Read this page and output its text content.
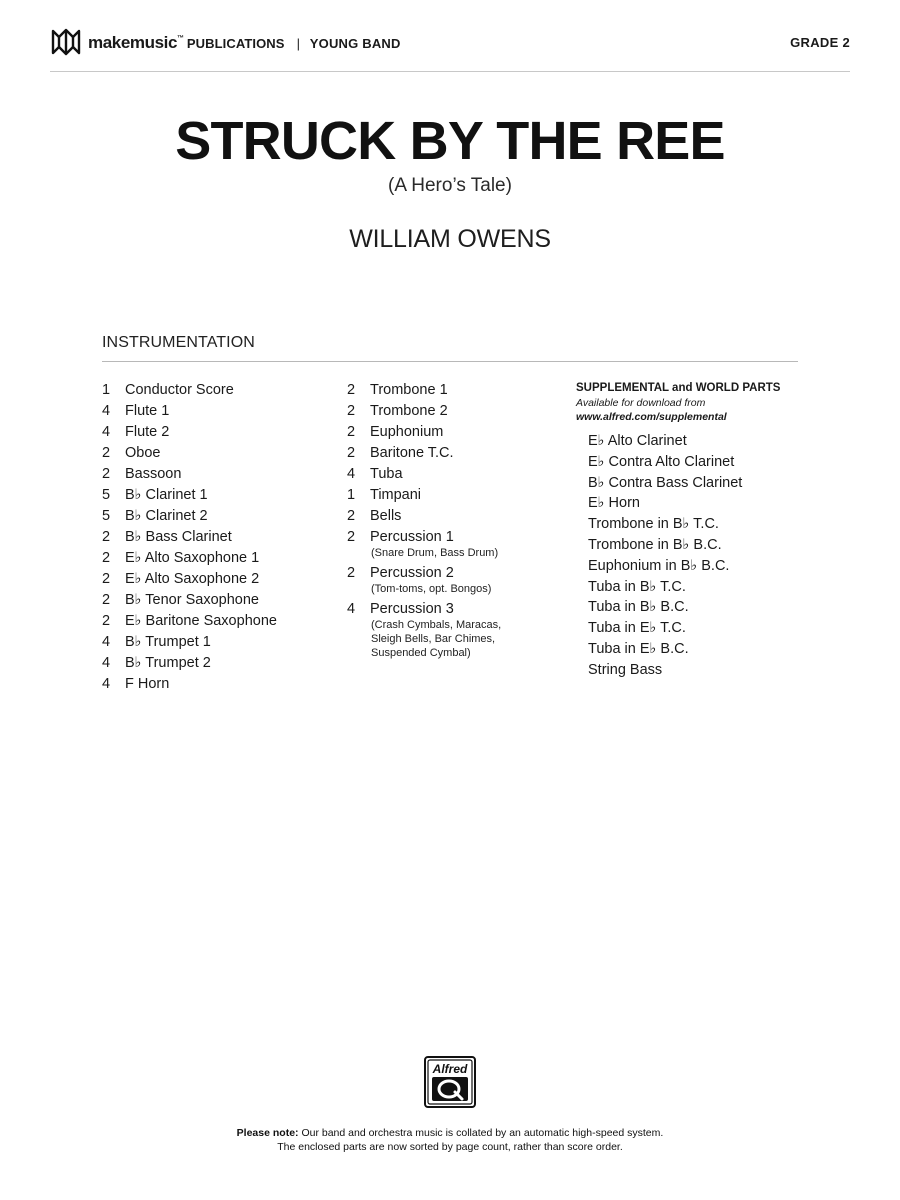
makemusic™ PUBLICATIONS | YOUNG BAND	GRADE 2
STRUCK BY THE REE
(A Hero’s Tale)
WILLIAM OWENS
INSTRUMENTATION
1	Conductor Score
4	Flute 1
4	Flute 2
2	Oboe
2	Bassoon
5	B♭ Clarinet 1
5	B♭ Clarinet 2
2	B♭ Bass Clarinet
2	E♭ Alto Saxophone 1
2	E♭ Alto Saxophone 2
2	B♭ Tenor Saxophone
2	E♭ Baritone Saxophone
4	B♭ Trumpet 1
4	B♭ Trumpet 2
4	F Horn
2	Trombone 1
2	Trombone 2
2	Euphonium
2	Baritone T.C.
4	Tuba
1	Timpani
2	Bells
2	Percussion 1
(Snare Drum, Bass Drum)
2	Percussion 2
(Tom-toms, opt. Bongos)
4	Percussion 3
(Crash Cymbals, Maracas, Sleigh Bells, Bar Chimes, Suspended Cymbal)
SUPPLEMENTAL and WORLD PARTS
Available for download from
www.alfred.com/supplemental
E♭ Alto Clarinet
E♭ Contra Alto Clarinet
B♭ Contra Bass Clarinet
E♭ Horn
Trombone in B♭ T.C.
Trombone in B♭ B.C.
Euphonium in B♭ B.C.
Tuba in B♭ T.C.
Tuba in B♭ B.C.
Tuba in E♭ T.C.
Tuba in E♭ B.C.
String Bass
Alfred
Please note: Our band and orchestra music is collated by an automatic high-speed system.
The enclosed parts are now sorted by page count, rather than score order.
